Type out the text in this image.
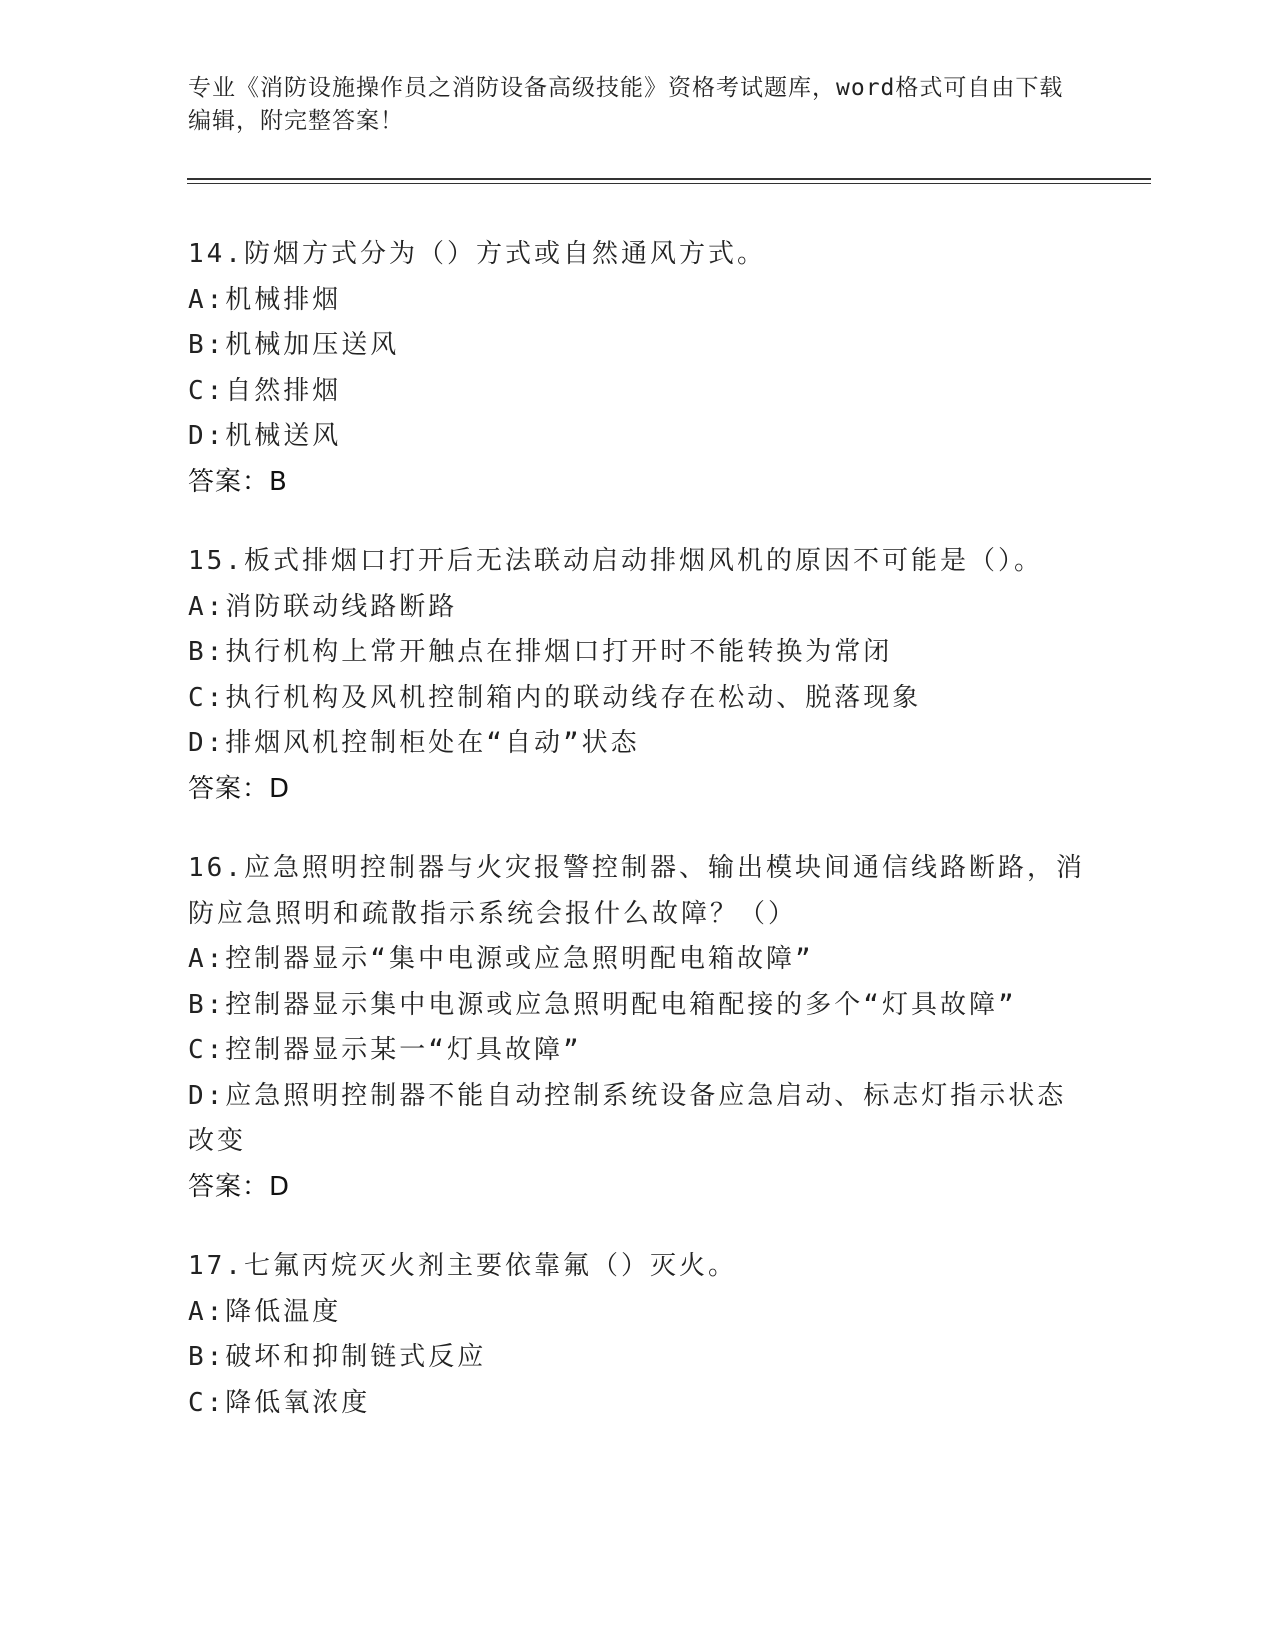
专业《消防设施操作员之消防设备高级技能》资格考试题库，word格式可自由下载编辑，附完整答案！
14.防烟方式分为（）方式或自然通风方式。
A:机械排烟
B:机械加压送风
C:自然排烟
D:机械送风
答案：B
15.板式排烟口打开后无法联动启动排烟风机的原因不可能是（）。
A:消防联动线路断路
B:执行机构上常开触点在排烟口打开时不能转换为常闭
C:执行机构及风机控制箱内的联动线存在松动、脱落现象
D:排烟风机控制柜处在“自动”状态
答案：D
16.应急照明控制器与火灾报警控制器、输出模块间通信线路断路，消防应急照明和疏散指示系统会报什么故障？（）
A:控制器显示“集中电源或应急照明配电箱故障”
B:控制器显示集中电源或应急照明配电箱配接的多个“灯具故障”
C:控制器显示某一“灯具故障”
D:应急照明控制器不能自动控制系统设备应急启动、标志灯指示状态改变
答案：D
17.七氟丙烷灭火剂主要依靠氟（）灭火。
A:降低温度
B:破坏和抑制链式反应
C:降低氧浓度
